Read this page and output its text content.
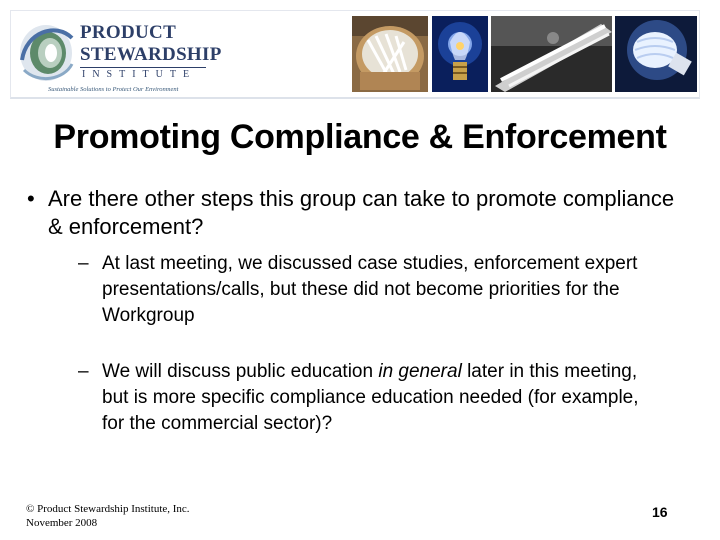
PRODUCT
STEWARDSHIP
INSTITUTE
Sustainable Solutions to Protect Our Environment
Promoting Compliance & Enforcement
• Are there other steps this group can take to promote compliance & enforcement?
– At last meeting, we discussed case studies, enforcement expert presentations/calls, but these did not become priorities for the Workgroup
– We will discuss public education in general later in this meeting, but is more specific compliance education needed (for example, for the commercial sector)?
© Product Stewardship Institute, Inc.
November 2008
16
